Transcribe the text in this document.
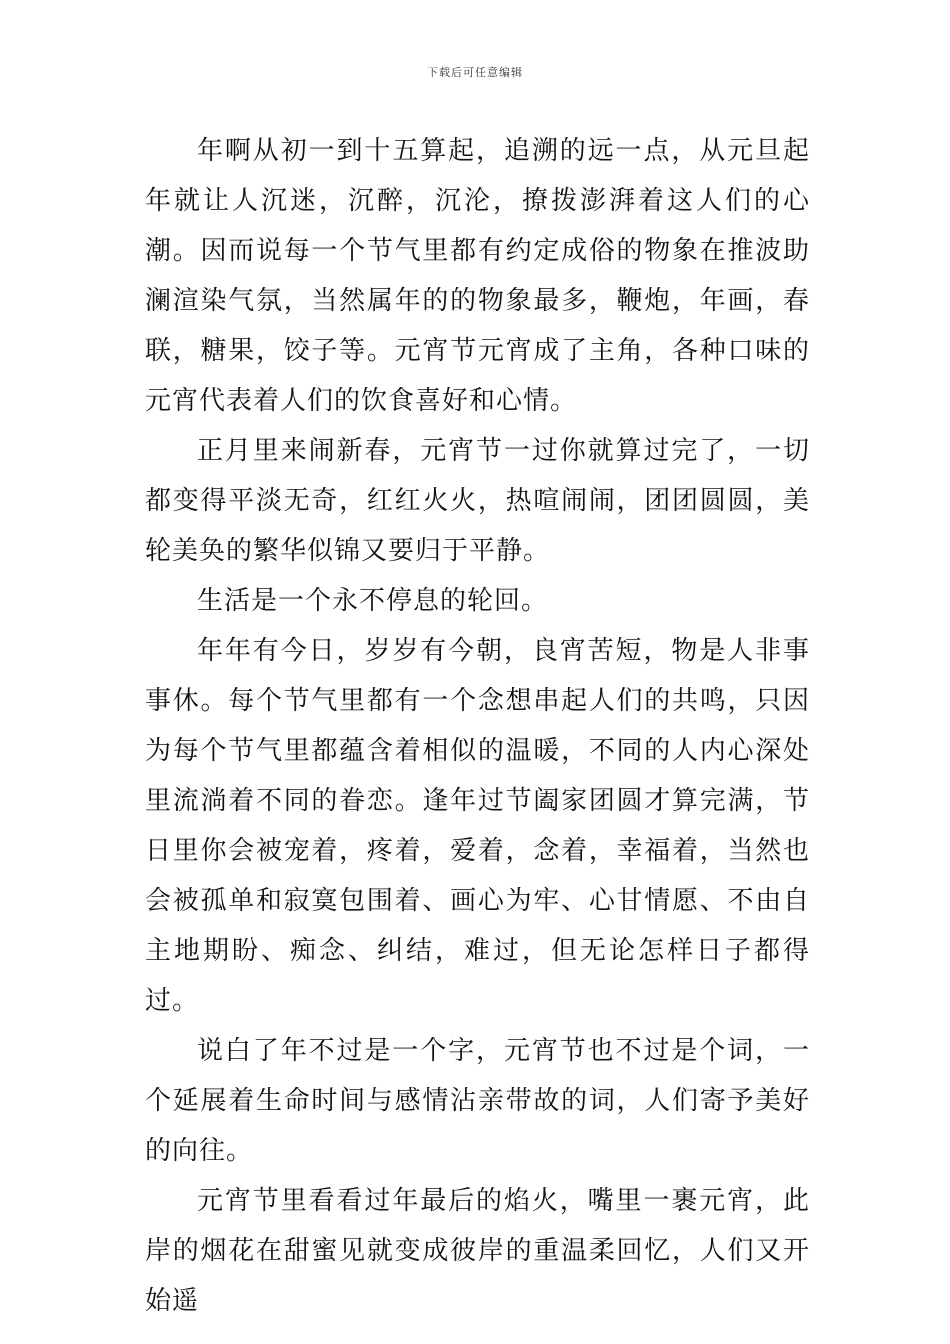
下载后可任意编辑

年啊从初一到十五算起，追溯的远一点，从元旦起年就让人沉迷，沉醉，沉沦，撩拨澎湃着这人们的心潮。因而说每一个节气里都有约定成俗的物象在推波助澜渲染气氛，当然属年的的物象最多，鞭炮，年画，春联，糖果，饺子等。元宵节元宵成了主角，各种口味的元宵代表着人们的饮食喜好和心情。

正月里来闹新春，元宵节一过你就算过完了，一切都变得平淡无奇，红红火火，热喧闹闹，团团圆圆，美轮美奂的繁华似锦又要归于平静。

生活是一个永不停息的轮回。

年年有今日，岁岁有今朝，良宵苦短，物是人非事事休。每个节气里都有一个念想串起人们的共鸣，只因为每个节气里都蕴含着相似的温暖，不同的人内心深处里流淌着不同的眷恋。逢年过节阖家团圆才算完满，节日里你会被宠着，疼着，爱着，念着，幸福着，当然也会被孤单和寂寞包围着、画心为牢、心甘情愿、不由自主地期盼、痴念、纠结，难过，但无论怎样日子都得过。

说白了年不过是一个字，元宵节也不过是个词，一个延展着生命时间与感情沾亲带故的词，人们寄予美好的向往。

元宵节里看看过年最后的焰火，嘴里一裹元宵，此岸的烟花在甜蜜见就变成彼岸的重温柔回忆，人们又开始遥
